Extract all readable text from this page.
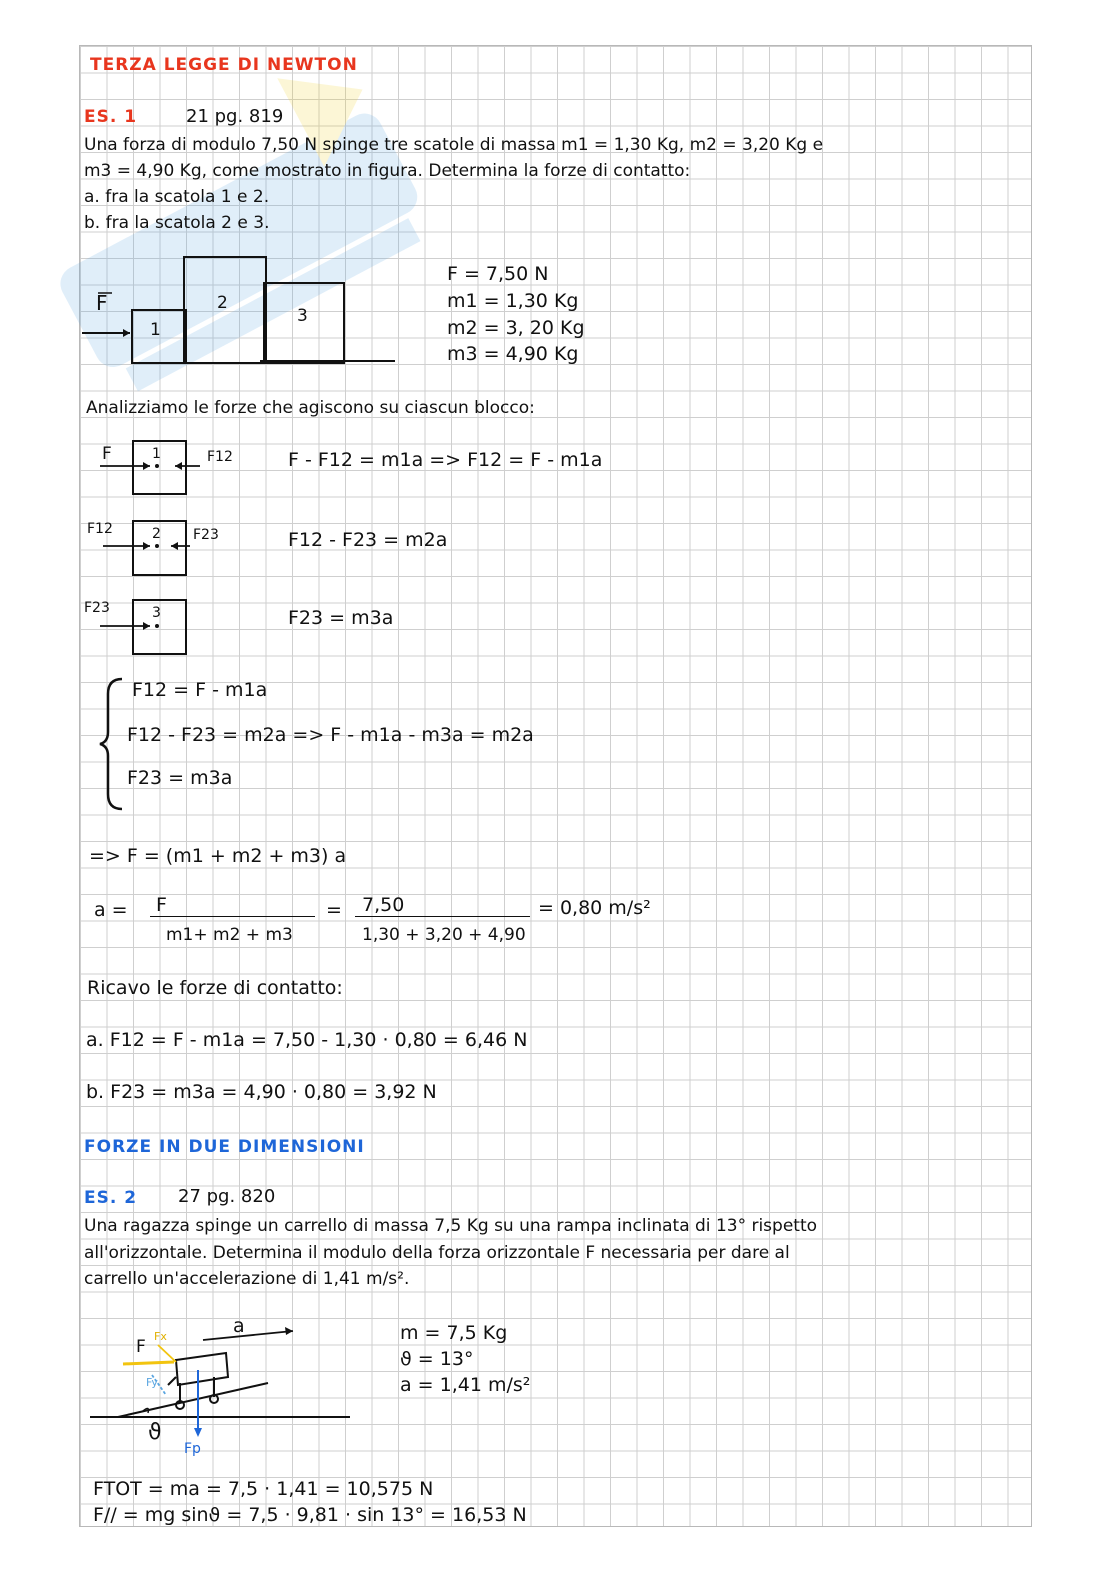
TERZA LEGGE DI NEWTON
ES. 1	21 pg. 819
Una forza di modulo 7,50 N spinge tre scatole di massa m1 = 1,30 Kg, m2 = 3,20 Kg e
m3 = 4,90 Kg, come mostrato in figura. Determina la forze di contatto:
a. fra la scatola 1 e 2.
b. fra la scatola 2 e 3.
F
1
2
3
F = 7,50 N
m1 = 1,30 Kg
m2 = 3, 20 Kg
m3 = 4,90 Kg
Analizziamo le forze che agiscono su ciascun blocco:
F	F12
1	F - F12 = m1a => F12 = F - m1a
F12	F23
2	F12 - F23 = m2a
F23	3	F23 = m3a
F12 = F - m1a
F12 - F23 = m2a => F - m1a - m3a = m2a
F23 = m3a
=> F = (m1 + m2 + m3) a
a = F
m1+ m2 + m3
= 7,50
1,30 + 3,20 + 4,90
= 0,80 m/s²
Ricavo le forze di contatto:
a. F12 = F - m1a = 7,50 - 1,30 · 0,80 = 6,46 N
b. F23 = m3a = 4,90 · 0,80 = 3,92 N
FORZE IN DUE DIMENSIONI
ES. 2 27 pg. 820
Una ragazza spinge un carrello di massa 7,5 Kg su una rampa inclinata di 13° rispetto
all'orizzontale. Determina il modulo della forza orizzontale F necessaria per dare al
carrello un'accelerazione di 1,41 m/s².
a
F
Fx
Fy
ϑ
Fp
m = 7,5 Kg
ϑ = 13°
a = 1,41 m/s²
FTOT = ma = 7,5 · 1,41 = 10,575 N
F// = mg sinϑ = 7,5 · 9,81 · sin 13° = 16,53 N
